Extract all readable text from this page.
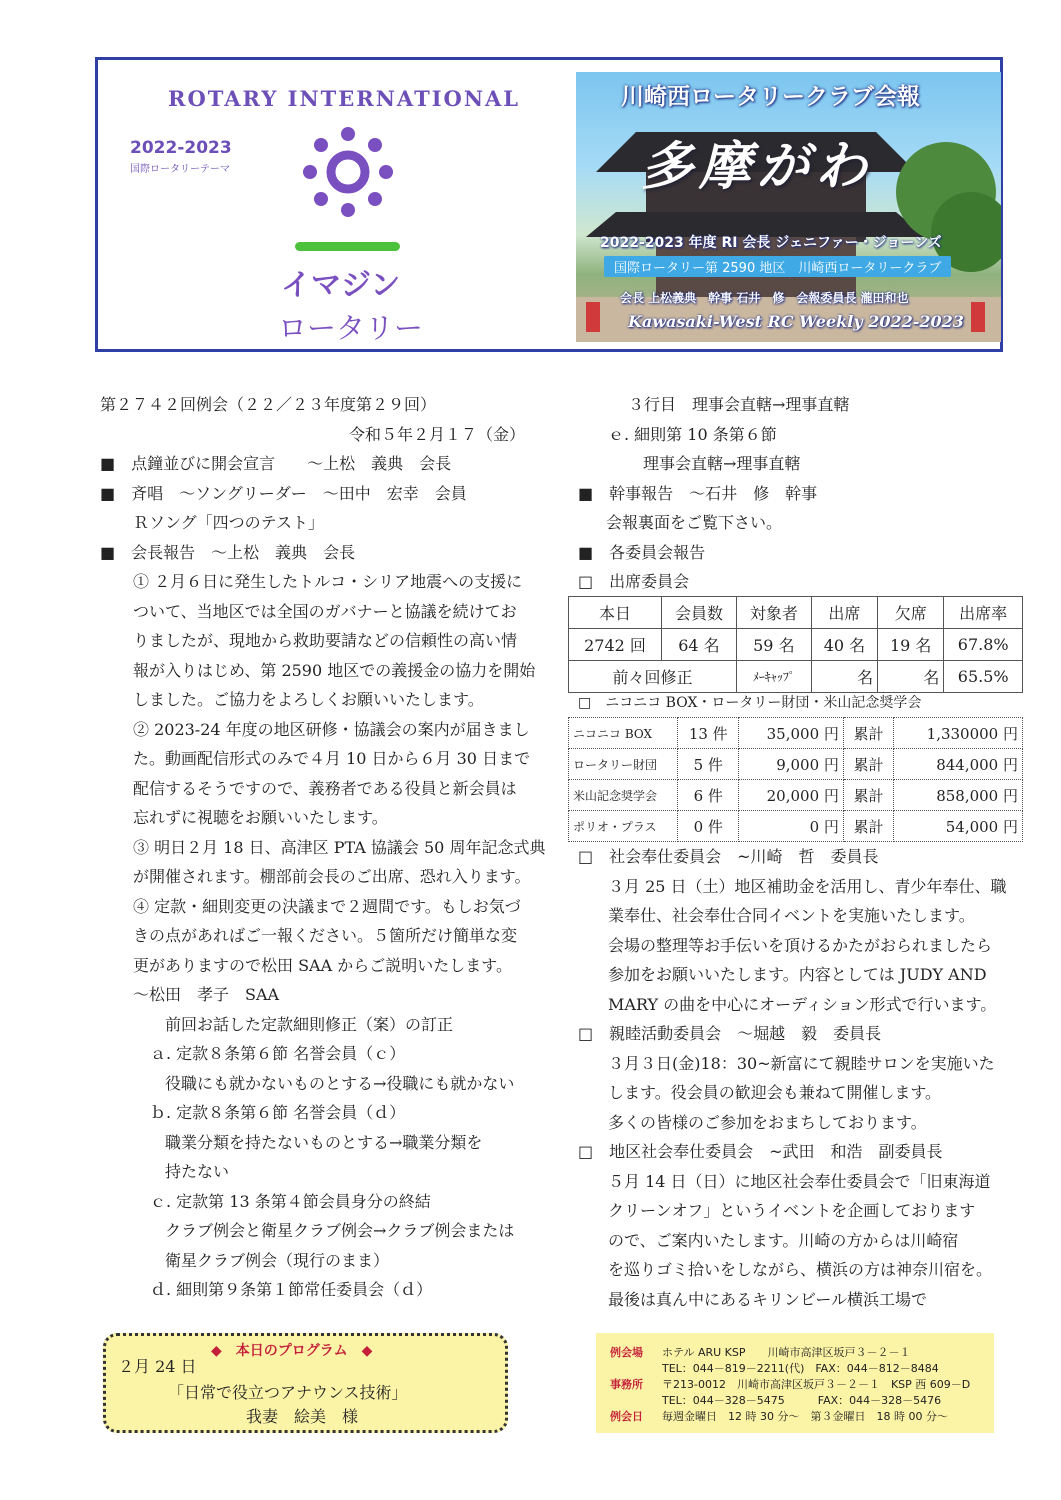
ROTARY INTERNATIONAL
2022-2023
国際ロータリーテーマ
イマジン
ロータリー
川崎西ロータリークラブ会報
多摩がわ
2022-2023 年度 RI 会長 ジェニファー・ジョーンズ
国際ロータリー第 2590 地区　川崎西ロータリークラブ
会長 上松義典　幹事 石井　修　会報委員長 瀧田和也
Kawasaki-West RC Weekly 2022-2023

第２７４２回例会（２２／２３年度第２９回）

令和５年２月１７（金）

■　点鐘並びに開会宣言　　～上松　義典　会長

■　斉唱　～ソングリーダー　～田中　宏幸　会員

Ｒソング「四つのテスト」

■　会長報告　～上松　義典　会長

① ２月６日に発生したトルコ・シリア地震への支援に

ついて、当地区では全国のガバナーと協議を続けてお

りましたが、現地から救助要請などの信頼性の高い情

報が入りはじめ、第 2590 地区での義援金の協力を開始

しました。ご協力をよろしくお願いいたします。

② 2023-24 年度の地区研修・協議会の案内が届きまし

た。動画配信形式のみで４月 10 日から６月 30 日まで

配信するそうですので、義務者である役員と新会員は

忘れずに視聴をお願いいたします。

③ 明日２月 18 日、高津区 PTA 協議会 50 周年記念式典

が開催されます。棚部前会長のご出席、恐れ入ります。

④ 定款・細則変更の決議まで２週間です。もしお気づ

きの点があればご一報ください。５箇所だけ簡単な変

更がありますので松田 SAA からご説明いたします。

～松田　孝子　SAA

前回お話した定款細則修正（案）の訂正

ａ. 定款８条第６節 名誉会員（ｃ）

役職にも就かないものとする→役職にも就かない

ｂ. 定款８条第６節 名誉会員（ｄ）

職業分類を持たないものとする→職業分類を

持たない

ｃ. 定款第 13 条第４節会員身分の終結

クラブ例会と衛星クラブ例会→クラブ例会または

衛星クラブ例会（現行のまま）

ｄ. 細則第９条第１節常任委員会（ｄ）

３行目　理事会直轄→理事直轄

ｅ. 細則第 10 条第６節

理事会直轄→理事直轄

■　幹事報告　～石井　修　幹事

会報裏面をご覧下さい。

■　各委員会報告

□　出席委員会

本日	会員数	対象者	出席	欠席	出席率
2742 回	64 名	59 名	40 名	19 名	67.8%
前々回修正		ﾒｰｷｬｯﾌﾟ	名	名	65.5%
□　ニコニコ BOX・ロータリー財団・米山記念奨学会
ニコニコ BOX	13 件	35,000 円	累計	1,330000 円
ロータリー財団	5 件	9,000 円	累計	844,000 円
米山記念奨学会	6 件	20,000 円	累計	858,000 円
ポリオ・プラス	0 件	0 円	累計	54,000 円

□　社会奉仕委員会　~川崎　哲　委員長

３月 25 日（土）地区補助金を活用し、青少年奉仕、職

業奉仕、社会奉仕合同イベントを実施いたします。

会場の整理等お手伝いを頂けるかたがおられましたら

参加をお願いいたします。内容としては JUDY AND

MARY の曲を中心にオーディション形式で行います。

□　親睦活動委員会　～堀越　毅　委員長

３月３日(金)18：30~新富にて親睦サロンを実施いた

します。役会員の歓迎会も兼ねて開催します。

多くの皆様のご参加をおまちしております。

□　地区社会奉仕委員会　~武田　和浩　副委員長

５月 14 日（日）に地区社会奉仕委員会で「旧東海道

クリーンオフ」というイベントを企画しております

ので、ご案内いたします。川崎の方からは川崎宿

を巡りゴミ拾いをしながら、横浜の方は神奈川宿を。

最後は真ん中にあるキリンビール横浜工場で

◆　本日のプログラム　◆
２月 24 日
「日常で役立つアナウンス技術」
我妻　絵美　様
例会場 ホテル ARU KSP　　川崎市高津区坂戸３－２－１
TEL：044－819－2211(代)　FAX：044－812－8484
事務所 〒213-0012　川崎市高津区坂戸３－２－１　KSP 西 609－D
TEL：044－328－5475　　　FAX：044－328－5476
例会日 毎週金曜日　12 時 30 分～　第３金曜日　18 時 00 分～
